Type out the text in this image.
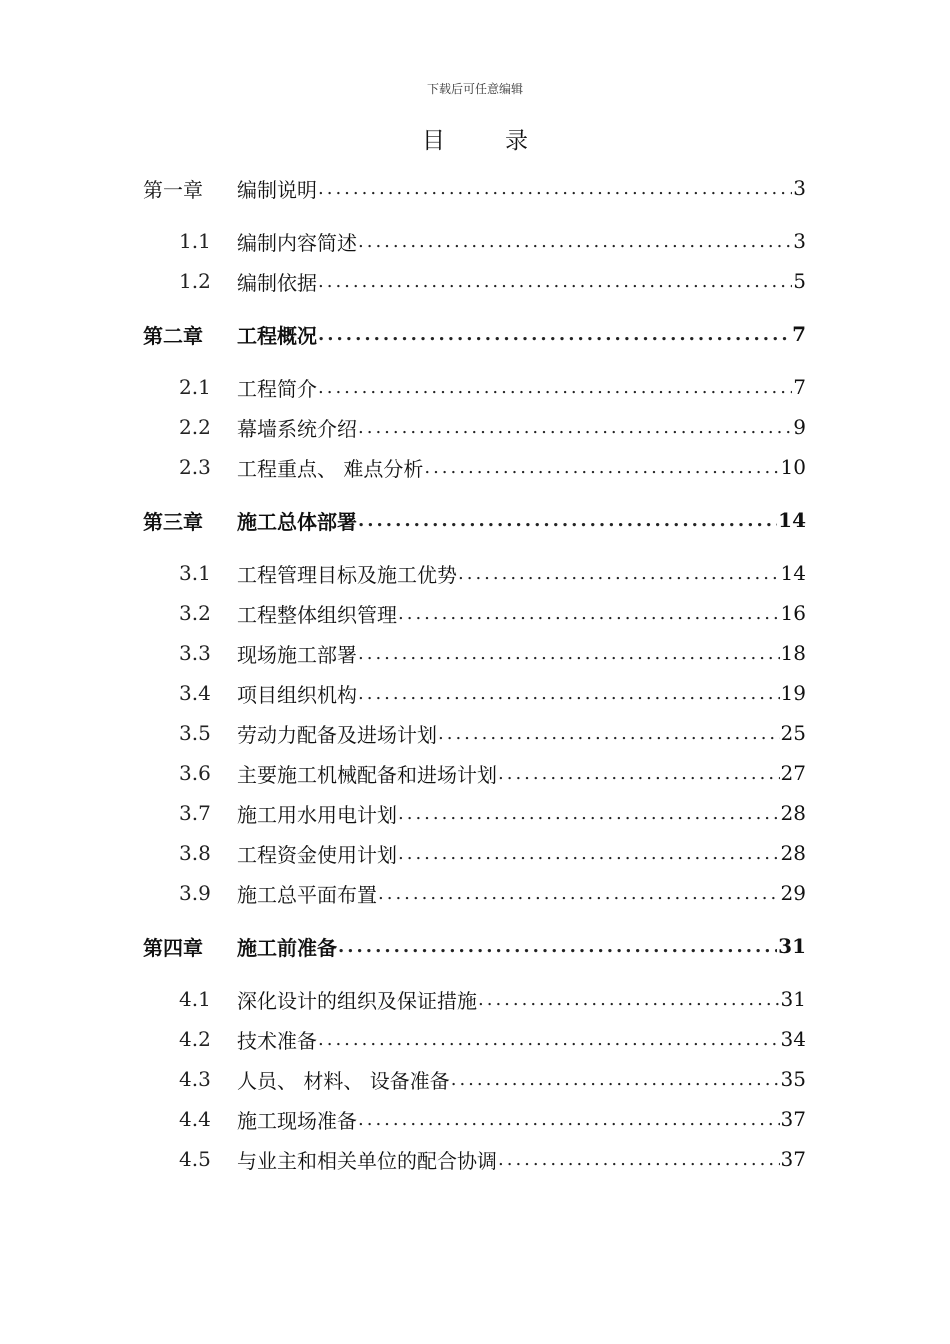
下载后可任意编辑
目	录
第一章	编制说明 .....	3
1.1	编制内容简述 .....	3
1.2	编制依据 .....	5
第二章	工程概况 .....	7
2.1	工程简介 .....	7
2.2	幕墙系统介绍 .....	9
2.3	工程重点、 难点分析 .....	10
第三章	施工总体部署 .....	14
3.1	工程管理目标及施工优势 .....	14
3.2	工程整体组织管理 .....	16
3.3	现场施工部署 .....	18
3.4	项目组织机构 .....	19
3.5	劳动力配备及进场计划 .....	25
3.6	主要施工机械配备和进场计划 .....	27
3.7	施工用水用电计划 .....	28
3.8	工程资金使用计划 .....	28
3.9	施工总平面布置 .....	29
第四章	施工前准备 .....	31
4.1	深化设计的组织及保证措施 .....	31
4.2	技术准备 .....	34
4.3	人员、 材料、 设备准备 .....	35
4.4	施工现场准备 .....	37
4.5	与业主和相关单位的配合协调 .....	37
